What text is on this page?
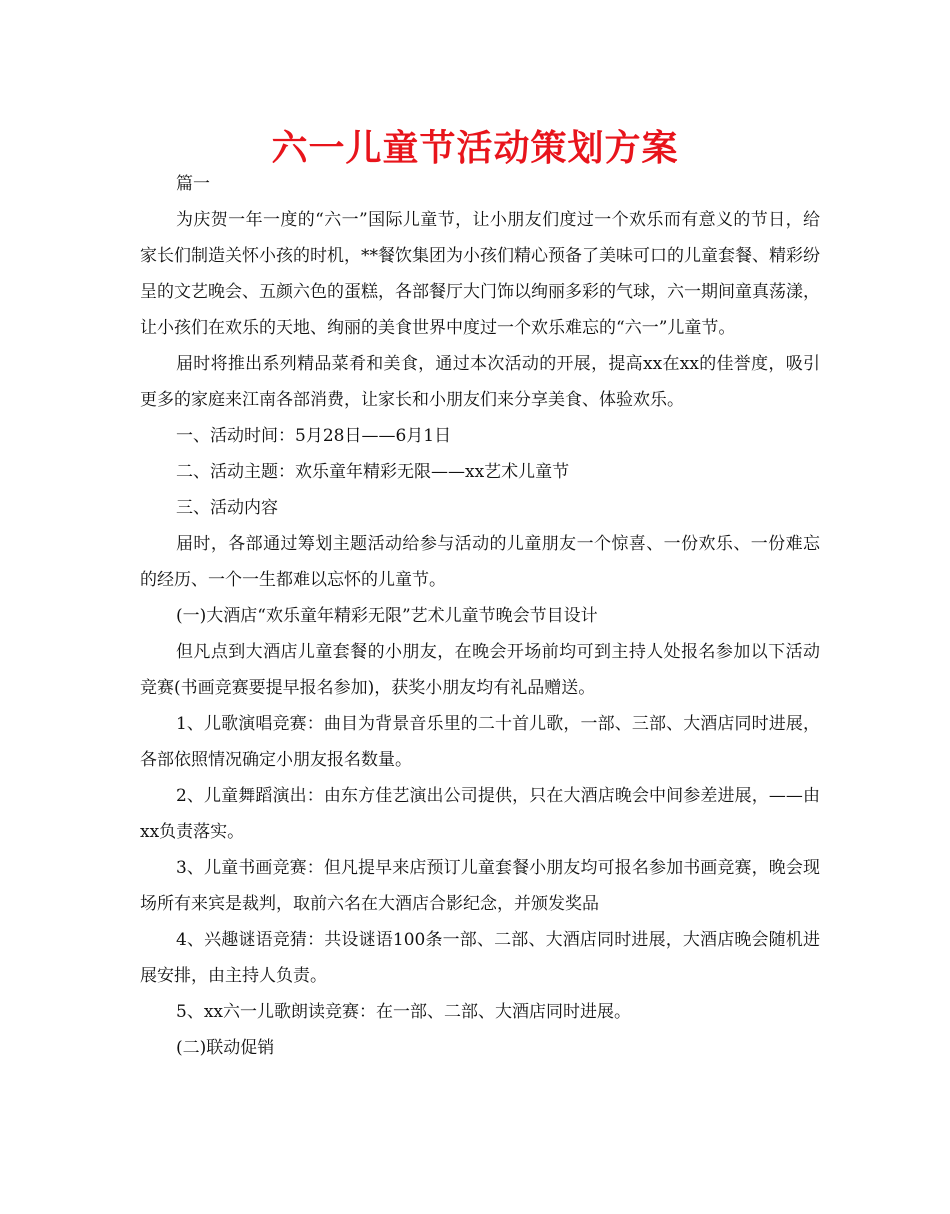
六一儿童节活动策划方案

篇一

为庆贺一年一度的“六一”国际儿童节，让小朋友们度过一个欢乐而有意义的节日，给家长们制造关怀小孩的时机，**餐饮集团为小孩们精心预备了美味可口的儿童套餐、精彩纷呈的文艺晚会、五颜六色的蛋糕，各部餐厅大门饰以绚丽多彩的气球，六一期间童真荡漾，让小孩们在欢乐的天地、绚丽的美食世界中度过一个欢乐难忘的“六一”儿童节。

届时将推出系列精品菜肴和美食，通过本次活动的开展，提高xx在xx的佳誉度，吸引更多的家庭来江南各部消费，让家长和小朋友们来分享美食、体验欢乐。

一、活动时间：5月28日——6月1日

二、活动主题：欢乐童年精彩无限——xx艺术儿童节

三、活动内容

届时，各部通过筹划主题活动给参与活动的儿童朋友一个惊喜、一份欢乐、一份难忘的经历、一个一生都难以忘怀的儿童节。

(一)大酒店“欢乐童年精彩无限”艺术儿童节晚会节目设计

但凡点到大酒店儿童套餐的小朋友，在晚会开场前均可到主持人处报名参加以下活动竞赛(书画竞赛要提早报名参加)，获奖小朋友均有礼品赠送。

1、儿歌演唱竞赛：曲目为背景音乐里的二十首儿歌，一部、三部、大酒店同时进展，各部依照情况确定小朋友报名数量。

2、儿童舞蹈演出：由东方佳艺演出公司提供，只在大酒店晚会中间参差进展，——由xx负责落实。

3、儿童书画竞赛：但凡提早来店预订儿童套餐小朋友均可报名参加书画竞赛，晚会现场所有来宾是裁判，取前六名在大酒店合影纪念，并颁发奖品

4、兴趣谜语竞猜：共设谜语100条一部、二部、大酒店同时进展，大酒店晚会随机进展安排，由主持人负责。

5、xx六一儿歌朗读竞赛：在一部、二部、大酒店同时进展。

(二)联动促销
